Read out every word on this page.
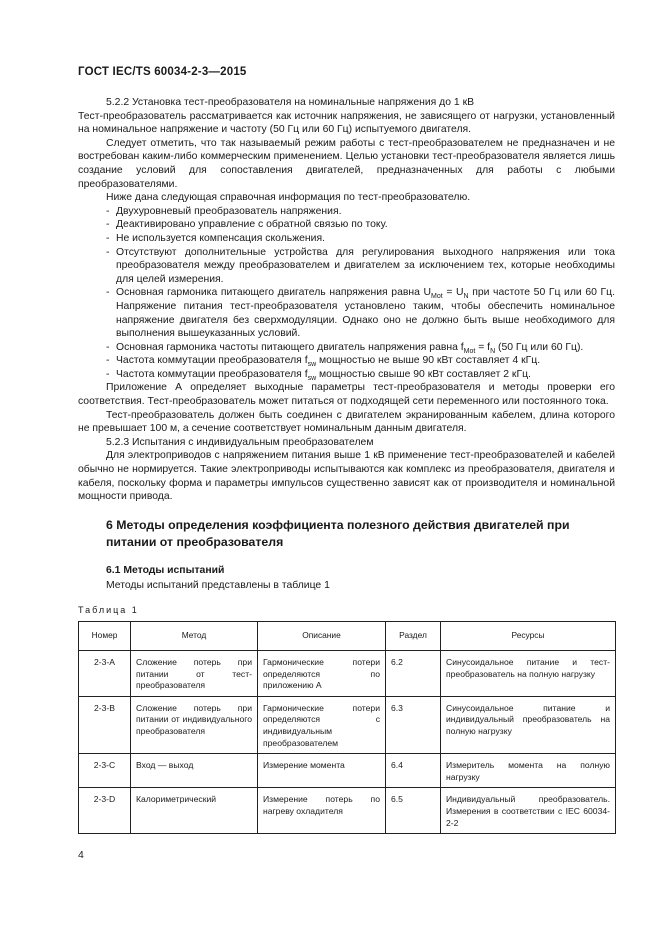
ГОСТ IEC/TS 60034-2-3—2015

5.2.2 Установка тест-преобразователя на номинальные напряжения до 1 кВ

Тест-преобразователь рассматривается как источник напряжения, не зависящего от нагрузки, установленный на номинальное напряжение и частоту (50 Гц или 60 Гц) испытуемого двигателя.

Следует отметить, что так называемый режим работы с тест-преобразователем не предназначен и не востребован каким-либо коммерческим применением. Целью установки тест-преобразователя является лишь создание условий для сопоставления двигателей, предназначенных для работы с любыми преобразователями.

Ниже дана следующая справочная информация по тест-преобразователю.

- Двухуровневый преобразователь напряжения.
- Деактивировано управление с обратной связью по току.
- Не используется компенсация скольжения.
- Отсутствуют дополнительные устройства для регулирования выходного напряжения или тока преобразователя между преобразователем и двигателем за исключением тех, которые необходимы для целей измерения.
- Основная гармоника питающего двигатель напряжения равна $U_{Mot} = U_N$ при частоте 50 Гц или 60 Гц. Напряжение питания тест-преобразователя установлено таким, чтобы обеспечить номинальное напряжение двигателя без сверхмодуляции. Однако оно не должно быть выше необходимого для выполнения вышеуказанных условий.
- Основная гармоника частоты питающего двигатель напряжения равна $f_{Mot} = f_N$ (50 Гц или 60 Гц).
- Частота коммутации преобразователя $f_{sw}$ мощностью не выше 90 кВт составляет 4 кГц.
- Частота коммутации преобразователя $f_{sw}$ мощностью свыше 90 кВт составляет 2 кГц.

Приложение А определяет выходные параметры тест-преобразователя и методы проверки его соответствия. Тест-преобразователь может питаться от подходящей сети переменного или постоянного тока.

Тест-преобразователь должен быть соединен с двигателем экранированным кабелем, длина которого не превышает 100 м, а сечение соответствует номинальным данным двигателя.

5.2.3 Испытания с индивидуальным преобразователем

Для электроприводов с напряжением питания выше 1 кВ применение тест-преобразователей и кабелей обычно не нормируется. Такие электроприводы испытываются как комплекс из преобразователя, двигателя и кабеля, поскольку форма и параметры импульсов существенно зависят как от производителя и номинальной мощности привода.

6 Методы определения коэффициента полезного действия двигателей при питании от преобразователя
6.1 Методы испытаний
Методы испытаний представлены в таблице 1
Таблица 1
Номер	Метод	Описание	Раздел	Ресурсы
2-3-A	Сложение потерь при питании от тест-преобразователя	Гармонические потери определяются по приложению А	6.2	Синусоидальное питание и тест-преобразователь на полную нагрузку
2-3-B	Сложение потерь при питании от индивидуального преобразователя	Гармонические потери определяются с индивидуальным преобразователем	6.3	Синусоидальное питание и индивидуальный преобразователь на полную нагрузку
2-3-C	Вход — выход	Измерение момента	6.4	Измеритель момента на полную нагрузку
2-3-D	Калориметрический	Измерение потерь по нагреву охладителя	6.5	Индивидуальный преобразователь. Измерения в соответствии с IEC 60034-2-2
4
